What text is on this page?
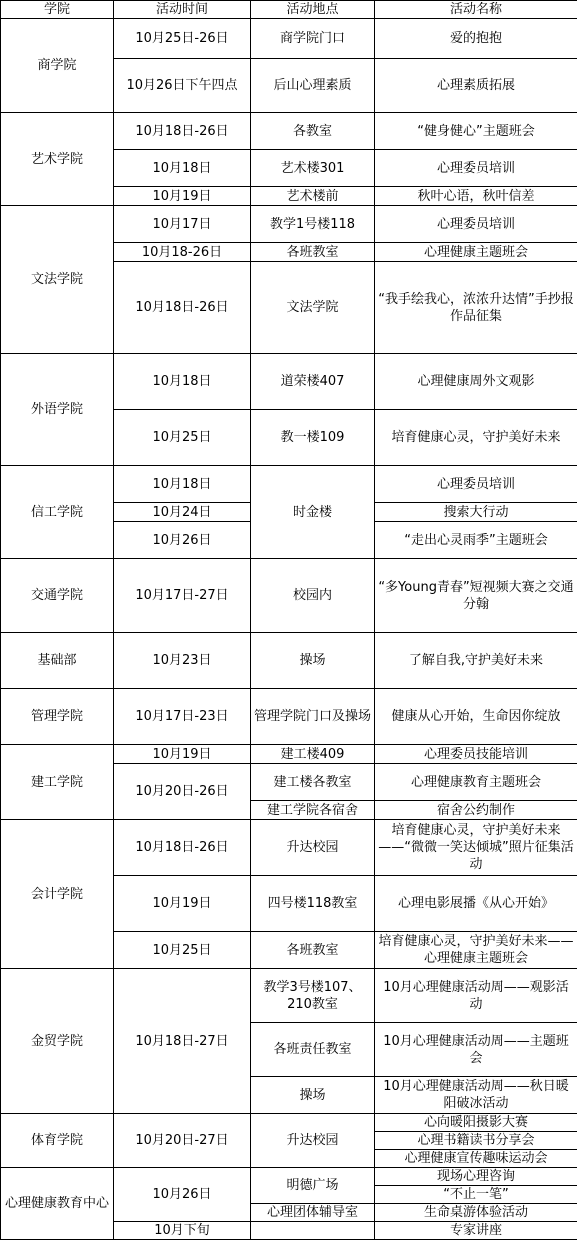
学院	活动时间	活动地点	活动名称
商学院	10月25日-26日	商学院门口	爱的抱抱
	10月26日下午四点	后山心理素质	心理素质拓展
艺术学院	10月18日-26日	各教室	“健身健心”主题班会
	10月18日	艺术楼301	心理委员培训
	10月19日	艺术楼前	秋叶心语，秋叶信差
文法学院	10月17日	教学1号楼118	心理委员培训
	10月18-26日	各班教室	心理健康主题班会
	10月18日-26日	文法学院	“我手绘我心，浓浓升达情”手抄报作品征集
外语学院	10月18日	道荣楼407	心理健康周外文观影
	10月25日	教一楼109	培育健康心灵，守护美好未来
信工学院	10月18日	时金楼	心理委员培训
	10月24日		搜索大行动
	10月26日		“走出心灵雨季”主题班会
交通学院	10月17日-27日	校园内	“多Young青春”短视频大赛之交通分翰
基础部	10月23日	操场	了解自我,守护美好未来
管理学院	10月17日-23日	管理学院门口及操场	健康从心开始，生命因你绽放
建工学院	10月19日	建工楼409	心理委员技能培训
	10月20日-26日	建工楼各教室	心理健康教育主题班会
		建工学院各宿舍	宿舍公约制作
会计学院	10月18日-26日	升达校园	培育健康心灵，守护美好未来——“微微一笑达倾城”照片征集活动
	10月19日	四号楼118教室	心理电影展播《从心开始》
	10月25日	各班教室	培育健康心灵，守护美好未来——心理健康主题班会
金贸学院	10月18日-27日	教学3号楼107、210教室	10月心理健康活动周——观影活动
		各班责任教室	10月心理健康活动周——主题班会
		操场	10月心理健康活动周——秋日暖阳破冰活动
体育学院	10月20日-27日	升达校园	心向暖阳摄影大赛
			心理书籍读书分享会
			心理健康宣传趣味运动会
心理健康教育中心	10月26日	明德广场	现场心理咨询
			“不止一笔”
		心理团体辅导室	生命桌游体验活动
	10月下旬		专家讲座
